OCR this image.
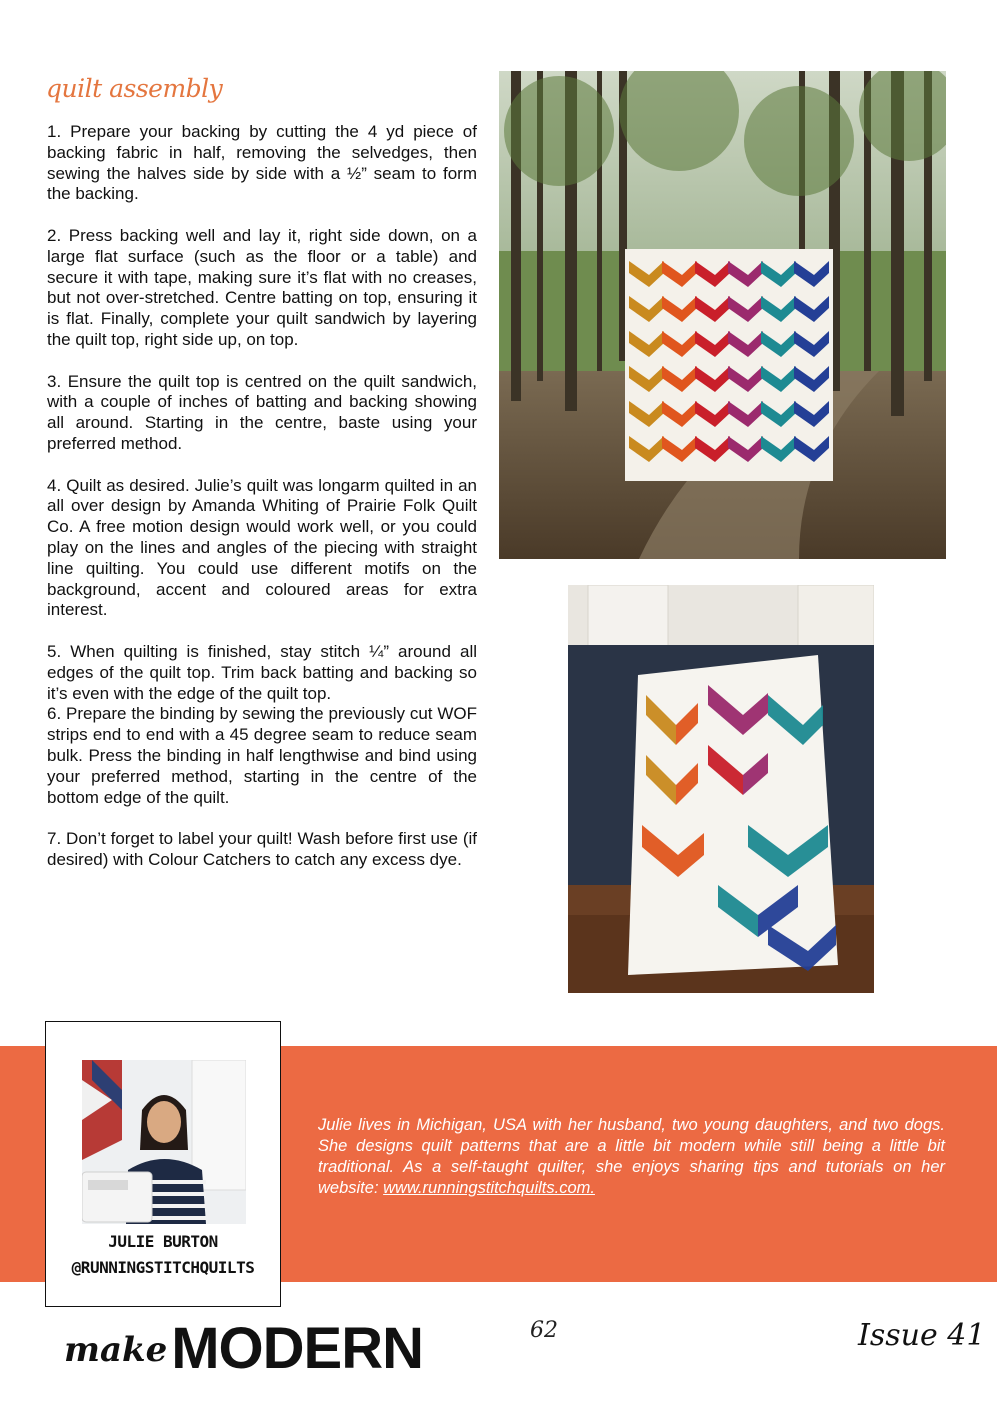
quilt assembly

1. Prepare your backing by cutting the 4 yd piece of backing fabric in half, removing the selvedges, then sewing the halves side by side with a ½” seam to form the backing.

2. Press backing well and lay it, right side down, on a large flat surface (such as the floor or a table) and secure it with tape, making sure it’s flat with no creases, but not over-stretched. Centre batting on top, ensuring it is flat. Finally, complete your quilt sandwich by layering the quilt top, right side up, on top.

3. Ensure the quilt top is centred on the quilt sandwich, with a couple of inches of batting and backing showing all around. Starting in the centre, baste using your preferred method.

4. Quilt as desired. Julie’s quilt was longarm quilted in an all over design by Amanda Whiting of Prairie Folk Quilt Co. A free motion design would work well, or you could play on the lines and angles of the piecing with straight line quilting. You could use different motifs on the background, accent and coloured areas for extra interest.

5. When quilting is finished, stay stitch ¼” around all edges of the quilt top. Trim back batting and backing so it’s even with the edge of the quilt top.

6. Prepare the binding by sewing the previously cut WOF strips end to end with a 45 degree seam to reduce seam bulk. Press the binding in half lengthwise and bind using your preferred method, starting in the centre of the bottom edge of the quilt.

7. Don’t forget to label your quilt! Wash before first use (if desired) with Colour Catchers to catch any excess dye.

Julie lives in Michigan, USA with her husband, two young daughters, and two dogs. She designs quilt patterns that are a little bit modern while still being a little bit traditional. As a self-taught quilter, she enjoys sharing tips and tutorials on her website: www.runningstitchquilts.com.
JULIE BURTON
@RUNNINGSTITCHQUILTS
make MODERN	62	Issue 41
